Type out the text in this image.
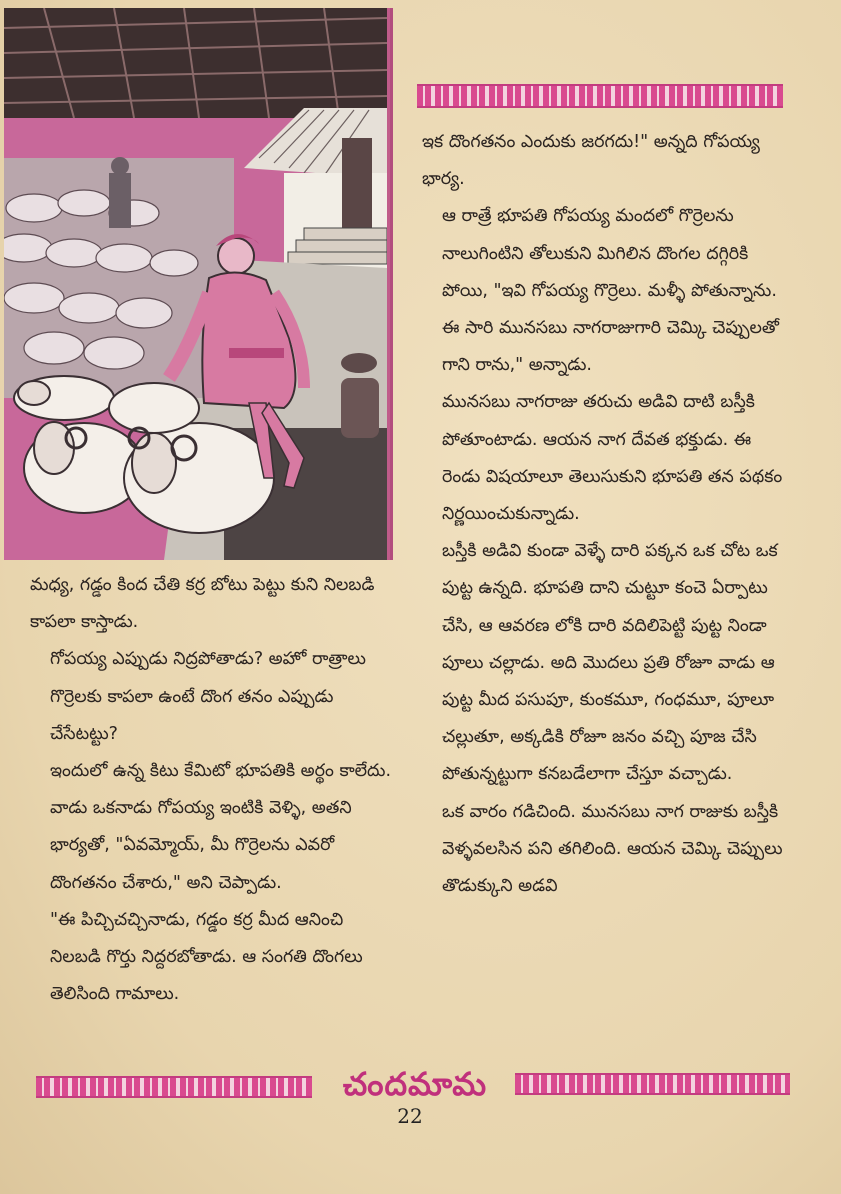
ఇక దొంగతనం ఎందుకు జరగదు!" అన్నది గోపయ్య భార్య.

ఆ రాత్రే భూపతి గోపయ్య మందలో గొర్రెలను నాలుగింటిని తోలుకుని మిగిలిన దొంగల దగ్గిరికి పోయి, "ఇవి గోపయ్య గొర్రెలు. మళ్ళీ పోతున్నాను. ఈ సారి మునసబు నాగరాజుగారి చెమ్కి చెప్పులతో గాని రాను," అన్నాడు.

మునసబు నాగరాజు తరుచు అడివి దాటి బస్తీకి పోతూంటాడు. ఆయన నాగ దేవత భక్తుడు. ఈ రెండు విషయాలూ తెలుసుకుని భూపతి తన పథకం నిర్ణయించుకున్నాడు.

బస్తీకి అడివి కుండా వెళ్ళే దారి పక్కన ఒక చోట ఒక పుట్ట ఉన్నది. భూపతి దాని చుట్టూ కంచె ఏర్పాటు చేసి, ఆ ఆవరణ లోకి దారి వదిలిపెట్టి పుట్ట నిండా పూలు చల్లాడు. అది మొదలు ప్రతి రోజూ వాడు ఆ పుట్ట మీద పసుపూ, కుంకమూ, గంధమూ, పూలూ చల్లుతూ, అక్కడికి రోజూ జనం వచ్చి పూజ చేసి పోతున్నట్టుగా కనబడేలాగా చేస్తూ వచ్చాడు.

ఒక వారం గడిచింది. మునసబు నాగ రాజుకు బస్తీకి వెళ్ళవలసిన పని తగిలింది. ఆయన చెమ్కి చెప్పులు తొడుక్కుని అడవి

మధ్య, గడ్డం కింద చేతి కర్ర బోటు పెట్టు కుని నిలబడి కాపలా కాస్తాడు.

గోపయ్య ఎప్పుడు నిద్రపోతాడు? అహో రాత్రాలు గొర్రెలకు కాపలా ఉంటే దొంగ తనం ఎప్పుడు చేసేటట్టు?

ఇందులో ఉన్న కిటు కేమిటో భూపతికి అర్థం కాలేదు. వాడు ఒకనాడు గోపయ్య ఇంటికి వెళ్ళి, అతని భార్యతో, "ఏవమ్మోయ్, మీ గొర్రెలను ఎవరో దొంగతనం చేశారు," అని చెప్పాడు.

"ఈ పిచ్చిచచ్చినాడు, గడ్డం కర్ర మీద ఆనించి నిలబడి గొర్తు నిద్దరబోతాడు. ఆ సంగతి దొంగలు తెలిసింది గామాలు.

చందమామ
22
